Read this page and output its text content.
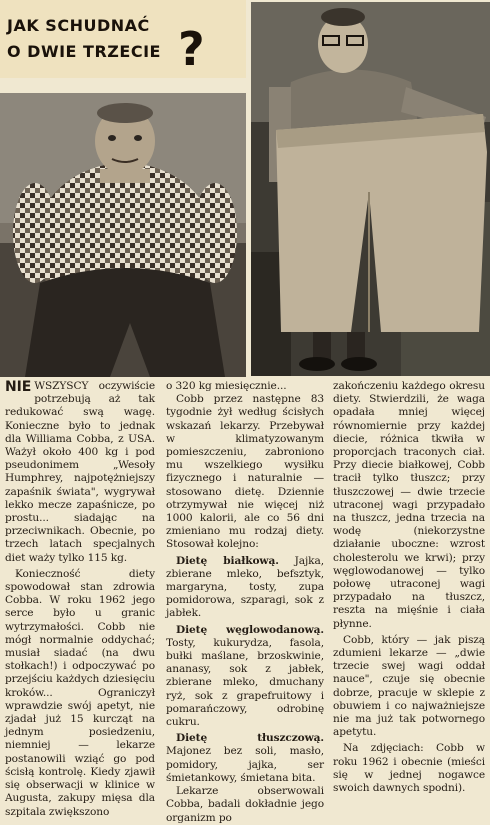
JAK SCHUDNAĆ
O DWIE TRZECIE ?

NIE WSZYSCY oczywiście potrzebują aż tak redukować swą wagę. Konieczne było to jednak dla Williama Cobba, z USA. Ważył około 400 kg i pod pseudonimem „Wesoły Humphrey, najpotężniejszy zapaśnik świata", wygrywał lekko mecze zapaśnicze, po prostu... siadając na przeciwnikach. Obecnie, po trzech latach specjalnych diet waży tylko 115 kg.

Konieczność diety spowodował stan zdrowia Cobba. W roku 1962 jego serce było u granic wytrzymałości. Cobb nie mógł normalnie oddychać; musiał siadać (na dwu stołkach!) i odpoczywać po przejściu każdych dziesięciu kroków... Ograniczył wprawdzie swój apetyt, nie zjadał już 15 kurcząt na jednym posiedzeniu, niemniej — lekarze postanowili wziąć go pod ścisłą kontrolę. Kiedy zjawił się obserwacji w klinice w Augusta, zakupy mięsa dla szpitala zwiększono

o 320 kg miesięcznie...

Cobb przez następne 83 tygodnie żył według ścisłych wskazań lekarzy. Przebywał w klimatyzowanym pomieszczeniu, zabroniono mu wszelkiego wysiłku fizycznego i naturalnie — stosowano dietę. Dziennie otrzymywał nie więcej niż 1000 kalorii, ale co 56 dni zmieniano mu rodzaj diety. Stosował kolejno:

Dietę białkową. Jajka, zbierane mleko, befsztyk, margaryna, tosty, zupa pomidorowa, szparagi, sok z jabłek.

Dietę węglowodanową. Tosty, kukurydza, fasola, bułki maślane, brzoskwinie, ananasy, sok z jabłek, zbierane mleko, dmuchany ryż, sok z grapefruitowy i pomarańczowy, odrobinę cukru.

Dietę tłuszczową. Majonez bez soli, masło, pomidory, jajka, ser śmietankowy, śmietana bita.

Lekarze obserwowali Cobba, badali dokładnie jego organizm po

zakończeniu każdego okresu diety. Stwierdzili, że waga opadała mniej więcej równomiernie przy każdej diecie, różnica tkwiła w proporcjach traconych ciał. Przy diecie białkowej, Cobb tracił tylko tłuszcz; przy tłuszczowej — dwie trzecie utraconej wagi przypadało na tłuszcz, jedna trzecia na wodę (niekorzystne działanie uboczne: wzrost cholesterolu we krwi); przy węglowodanowej — tylko połowę utraconej wagi przypadało na tłuszcz, reszta na mięśnie i ciała płynne.

Cobb, który — jak piszą zdumieni lekarze — „dwie trzecie swej wagi oddał nauce", czuje się obecnie dobrze, pracuje w sklepie z obuwiem i co najważniejsze nie ma już tak potwornego apetytu.

Na zdjęciach: Cobb w roku 1962 i obecnie (mieści się w jednej nogawce swoich dawnych spodni).
